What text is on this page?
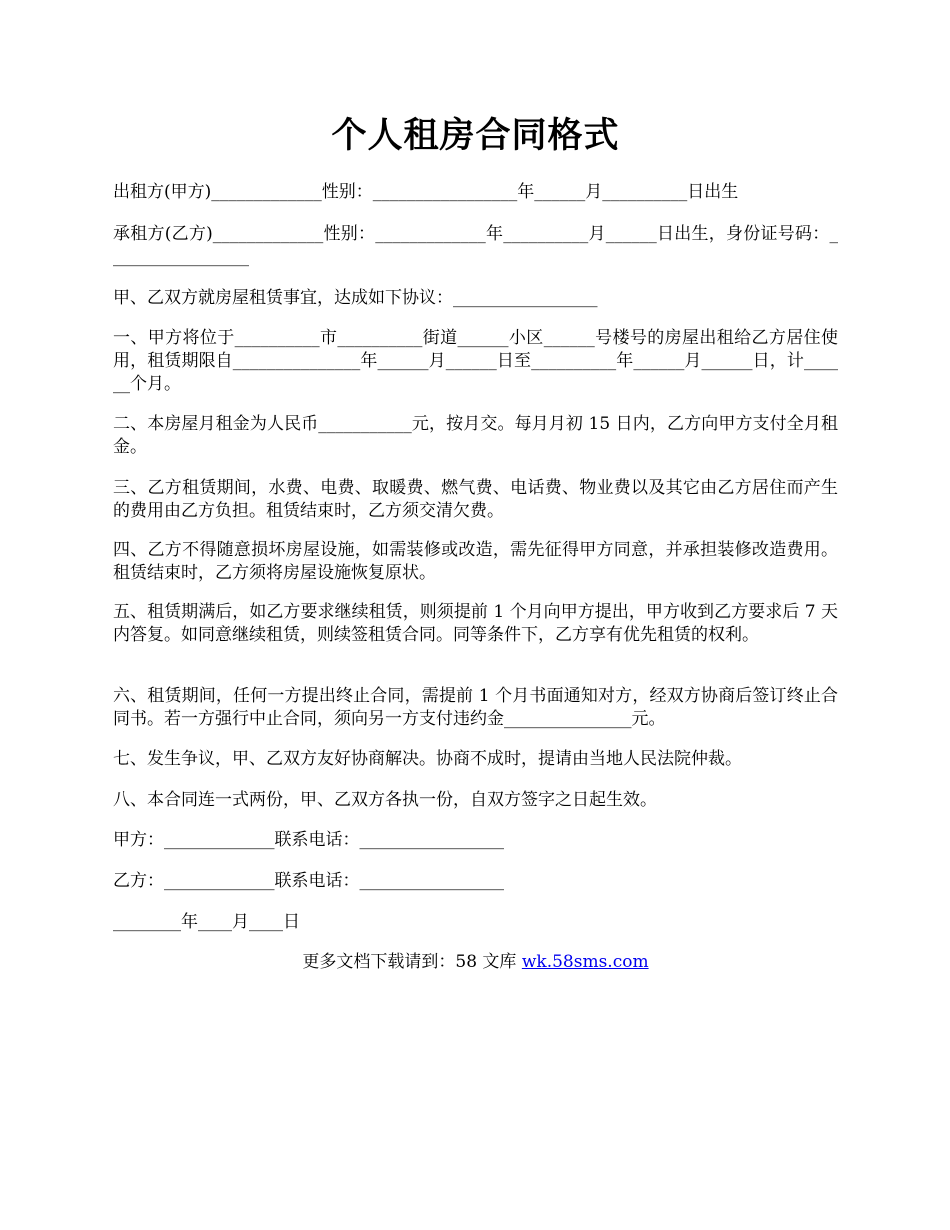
个人租房合同格式
出租方(甲方)_____________性别：_________________年______月__________日出生
承租方(乙方)_____________性别：_____________年__________月______日出生，身份证号码：_________________
甲、乙双方就房屋租赁事宜，达成如下协议：_________________
一、甲方将位于__________市__________街道______小区______号楼号的房屋出租给乙方居住使用，租赁期限自_______________年______月______日至__________年______月______日，计______个月。
二、本房屋月租金为人民币___________元，按月交。每月月初 15 日内，乙方向甲方支付全月租金。
三、乙方租赁期间，水费、电费、取暖费、燃气费、电话费、物业费以及其它由乙方居住而产生的费用由乙方负担。租赁结束时，乙方须交清欠费。
四、乙方不得随意损坏房屋设施，如需装修或改造，需先征得甲方同意，并承担装修改造费用。租赁结束时，乙方须将房屋设施恢复原状。
五、租赁期满后，如乙方要求继续租赁，则须提前 1 个月向甲方提出，甲方收到乙方要求后 7 天内答复。如同意继续租赁，则续签租赁合同。同等条件下，乙方享有优先租赁的权利。
六、租赁期间，任何一方提出终止合同，需提前 1 个月书面通知对方，经双方协商后签订终止合同书。若一方强行中止合同，须向另一方支付违约金_______________元。
七、发生争议，甲、乙双方友好协商解决。协商不成时，提请由当地人民法院仲裁。
八、本合同连一式两份，甲、乙双方各执一份，自双方签字之日起生效。
甲方：_____________联系电话：_________________
乙方：_____________联系电话：_________________
________年____月____日
更多文档下载请到：58 文库 wk.58sms.com
